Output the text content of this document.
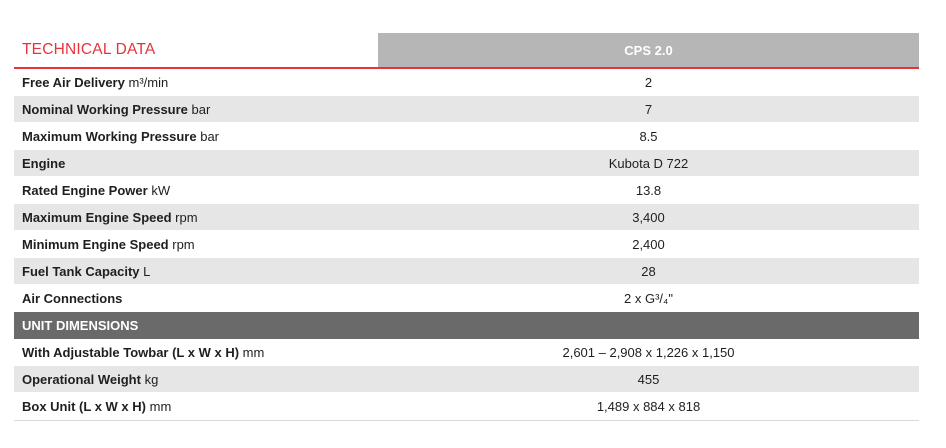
TECHNICAL DATA	CPS 2.0
Free Air Delivery m³/min	2
Nominal Working Pressure bar	7
Maximum Working Pressure bar	8.5
Engine	Kubota D 722
Rated Engine Power kW	13.8
Maximum Engine Speed rpm	3,400
Minimum Engine Speed rpm	2,400
Fuel Tank Capacity L	28
Air Connections	2 x G³/₄"
UNIT DIMENSIONS
With Adjustable Towbar (L x W x H) mm	2,601 – 2,908 x 1,226 x 1,150
Operational Weight kg	455
Box Unit (L x W x H) mm	1,489 x 884 x 818
